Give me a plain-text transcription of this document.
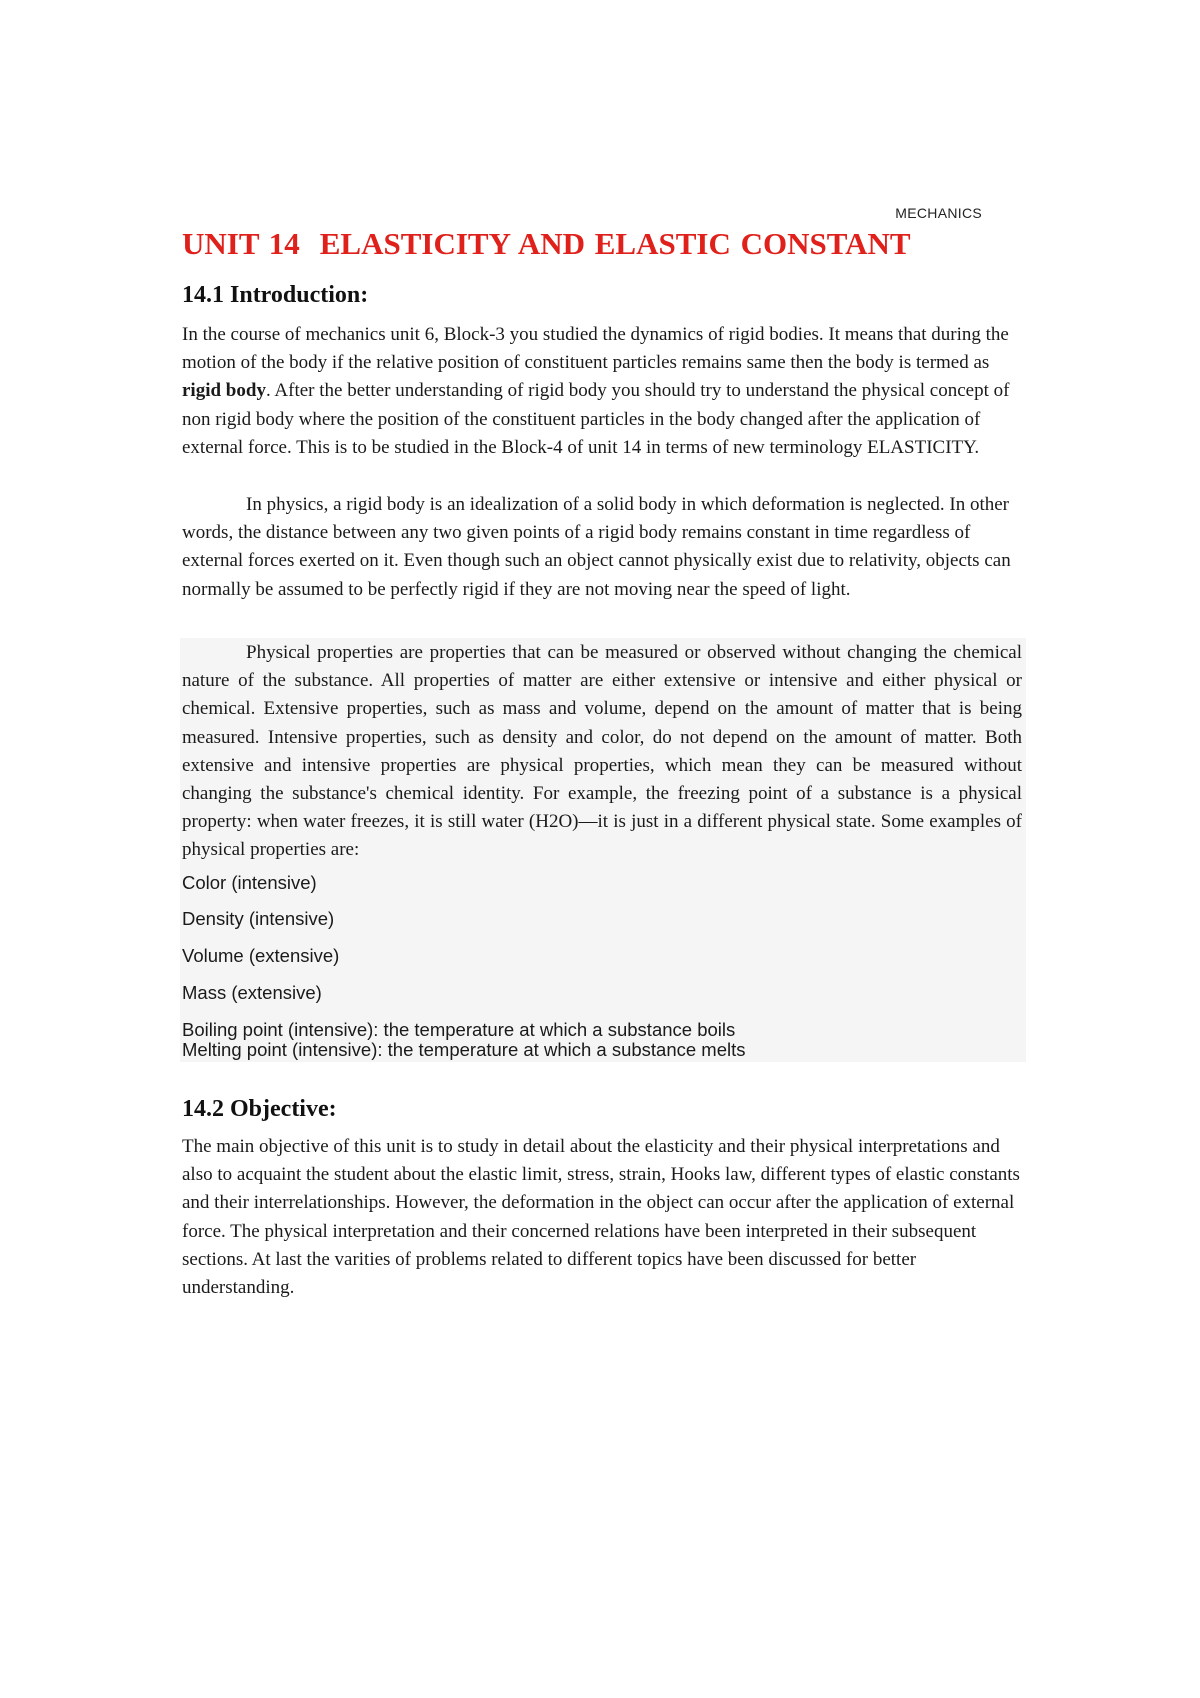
MECHANICS
UNIT 14 ELASTICITY AND ELASTIC CONSTANT
14.1 Introduction:

In the course of mechanics unit 6, Block-3 you studied the dynamics of rigid bodies. It means that during the motion of the body if the relative position of constituent particles remains same then the body is termed as rigid body. After the better understanding of rigid body you should try to understand the physical concept of non rigid body where the position of the constituent particles in the body changed after the application of external force. This is to be studied in the Block-4 of unit 14 in terms of new terminology ELASTICITY.

In physics, a rigid body is an idealization of a solid body in which deformation is neglected. In other words, the distance between any two given points of a rigid body remains constant in time regardless of external forces exerted on it. Even though such an object cannot physically exist due to relativity, objects can normally be assumed to be perfectly rigid if they are not moving near the speed of light.

Physical properties are properties that can be measured or observed without changing the chemical nature of the substance. All properties of matter are either extensive or intensive and either physical or chemical. Extensive properties, such as mass and volume, depend on the amount of matter that is being measured. Intensive properties, such as density and color, do not depend on the amount of matter. Both extensive and intensive properties are physical properties, which mean they can be measured without changing the substance's chemical identity. For example, the freezing point of a substance is a physical property: when water freezes, it is still water (H2O)—it is just in a different physical state. Some examples of physical properties are:

Color (intensive)

Density (intensive)

Volume (extensive)

Mass (extensive)

Boiling point (intensive): the temperature at which a substance boils

Melting point (intensive): the temperature at which a substance melts

14.2 Objective:

The main objective of this unit is to study in detail about the elasticity and their physical interpretations and also to acquaint the student about the elastic limit, stress, strain, Hooks law, different types of elastic constants and their interrelationships. However, the deformation in the object can occur after the application of external force. The physical interpretation and their concerned relations have been interpreted in their subsequent sections. At last the varities of problems related to different topics have been discussed for better understanding.
